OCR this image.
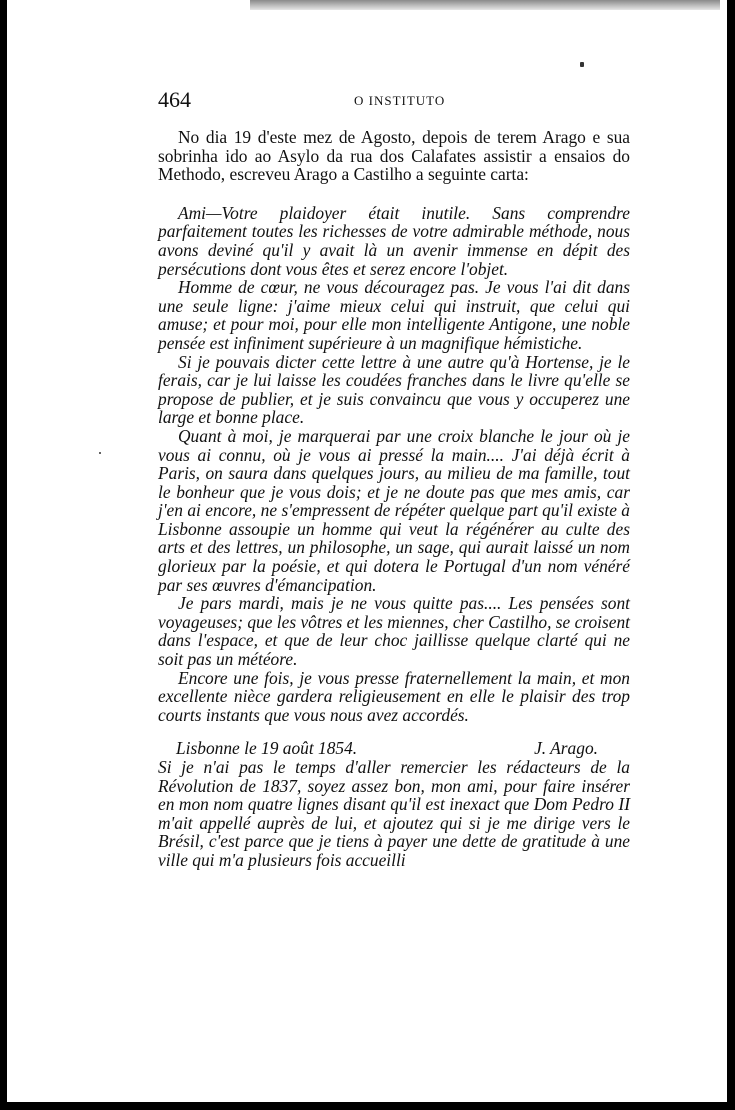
464	O INSTITUTO

No dia 19 d'este mez de Agosto, depois de terem Arago e sua sobrinha ido ao Asylo da rua dos Calafates assistir a ensaios do Methodo, escreveu Arago a Castilho a seguinte carta:

Ami—Votre plaidoyer était inutile. Sans comprendre parfaitement toutes les richesses de votre admirable méthode, nous avons deviné qu'il y avait là un avenir immense en dépit des persécutions dont vous êtes et serez encore l'objet.

Homme de cœur, ne vous découragez pas. Je vous l'ai dit dans une seule ligne: j'aime mieux celui qui instruit, que celui qui amuse; et pour moi, pour elle mon intelligente Antigone, une noble pensée est infiniment supérieure à un magnifique hémistiche.

Si je pouvais dicter cette lettre à une autre qu'à Hortense, je le ferais, car je lui laisse les coudées franches dans le livre qu'elle se propose de publier, et je suis convaincu que vous y occuperez une large et bonne place.

Quant à moi, je marquerai par une croix blanche le jour où je vous ai connu, où je vous ai pressé la main.... J'ai déjà écrit à Paris, on saura dans quelques jours, au milieu de ma famille, tout le bonheur que je vous dois; et je ne doute pas que mes amis, car j'en ai encore, ne s'empressent de répéter quelque part qu'il existe à Lisbonne assoupie un homme qui veut la régénérer au culte des arts et des lettres, un philosophe, un sage, qui aurait laissé un nom glorieux par la poésie, et qui dotera le Portugal d'un nom vénéré par ses œuvres d'émancipation.

Je pars mardi, mais je ne vous quitte pas.... Les pensées sont voyageuses; que les vôtres et les miennes, cher Castilho, se croisent dans l'espace, et que de leur choc jaillisse quelque clarté qui ne soit pas un météore.

Encore une fois, je vous presse fraternellement la main, et mon excellente nièce gardera religieusement en elle le plaisir des trop courts instants que vous nous avez accordés.

Lisbonne le 19 août 1854.	J. Arago.

Si je n'ai pas le temps d'aller remercier les rédacteurs de la Révolution de 1837, soyez assez bon, mon ami, pour faire insérer en mon nom quatre lignes disant qu'il est inexact que Dom Pedro II m'ait appellé auprès de lui, et ajoutez qui si je me dirige vers le Brésil, c'est parce que je tiens à payer une dette de gratitude à une ville qui m'a plusieurs fois accueilli
